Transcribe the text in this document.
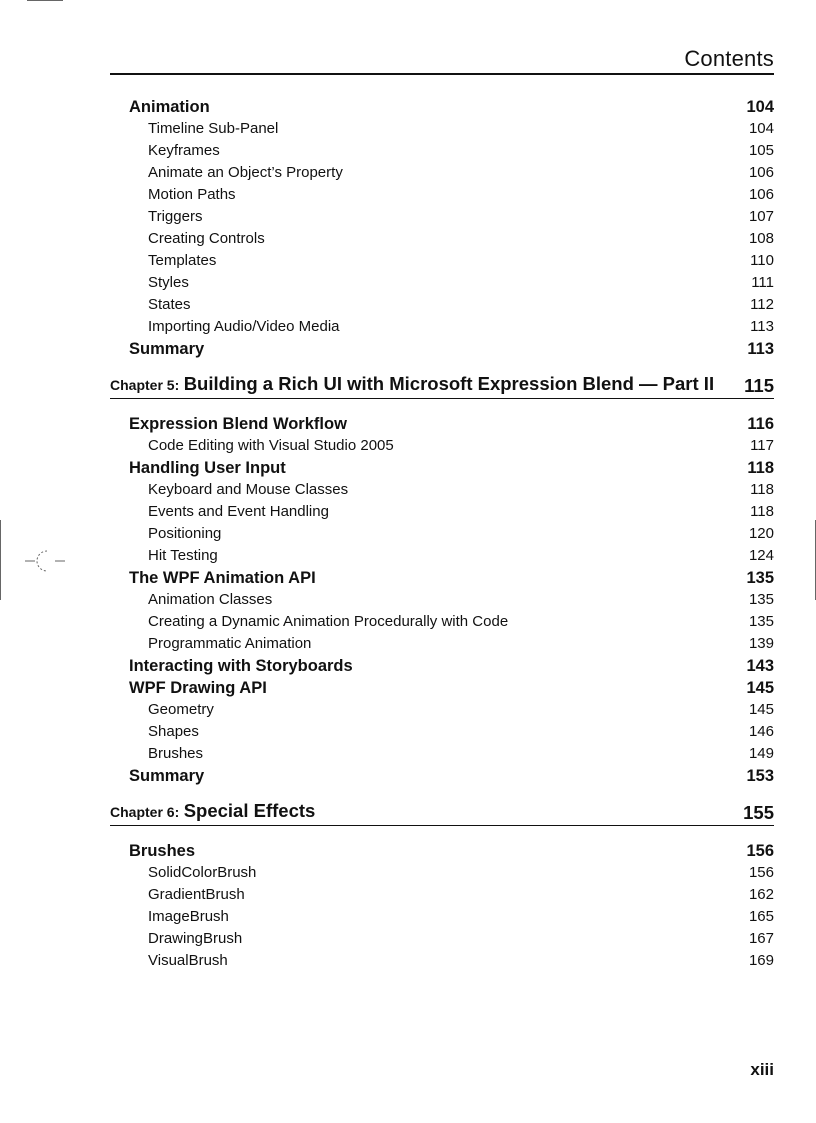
Contents
Animation	104
Timeline Sub-Panel	104
Keyframes	105
Animate an Object’s Property	106
Motion Paths	106
Triggers	107
Creating Controls	108
Templates	110
Styles	111
States	112
Importing Audio/Video Media	113
Summary	113
Chapter 5: Building a Rich UI with Microsoft Expression Blend — Part II 115
Expression Blend Workflow	116
Code Editing with Visual Studio 2005	117
Handling User Input	118
Keyboard and Mouse Classes	118
Events and Event Handling	118
Positioning	120
Hit Testing	124
The WPF Animation API	135
Animation Classes	135
Creating a Dynamic Animation Procedurally with Code	135
Programmatic Animation	139
Interacting with Storyboards	143
WPF Drawing API	145
Geometry	145
Shapes	146
Brushes	149
Summary	153
Chapter 6: Special Effects	155
Brushes	156
SolidColorBrush	156
GradientBrush	162
ImageBrush	165
DrawingBrush	167
VisualBrush	169
xiii
